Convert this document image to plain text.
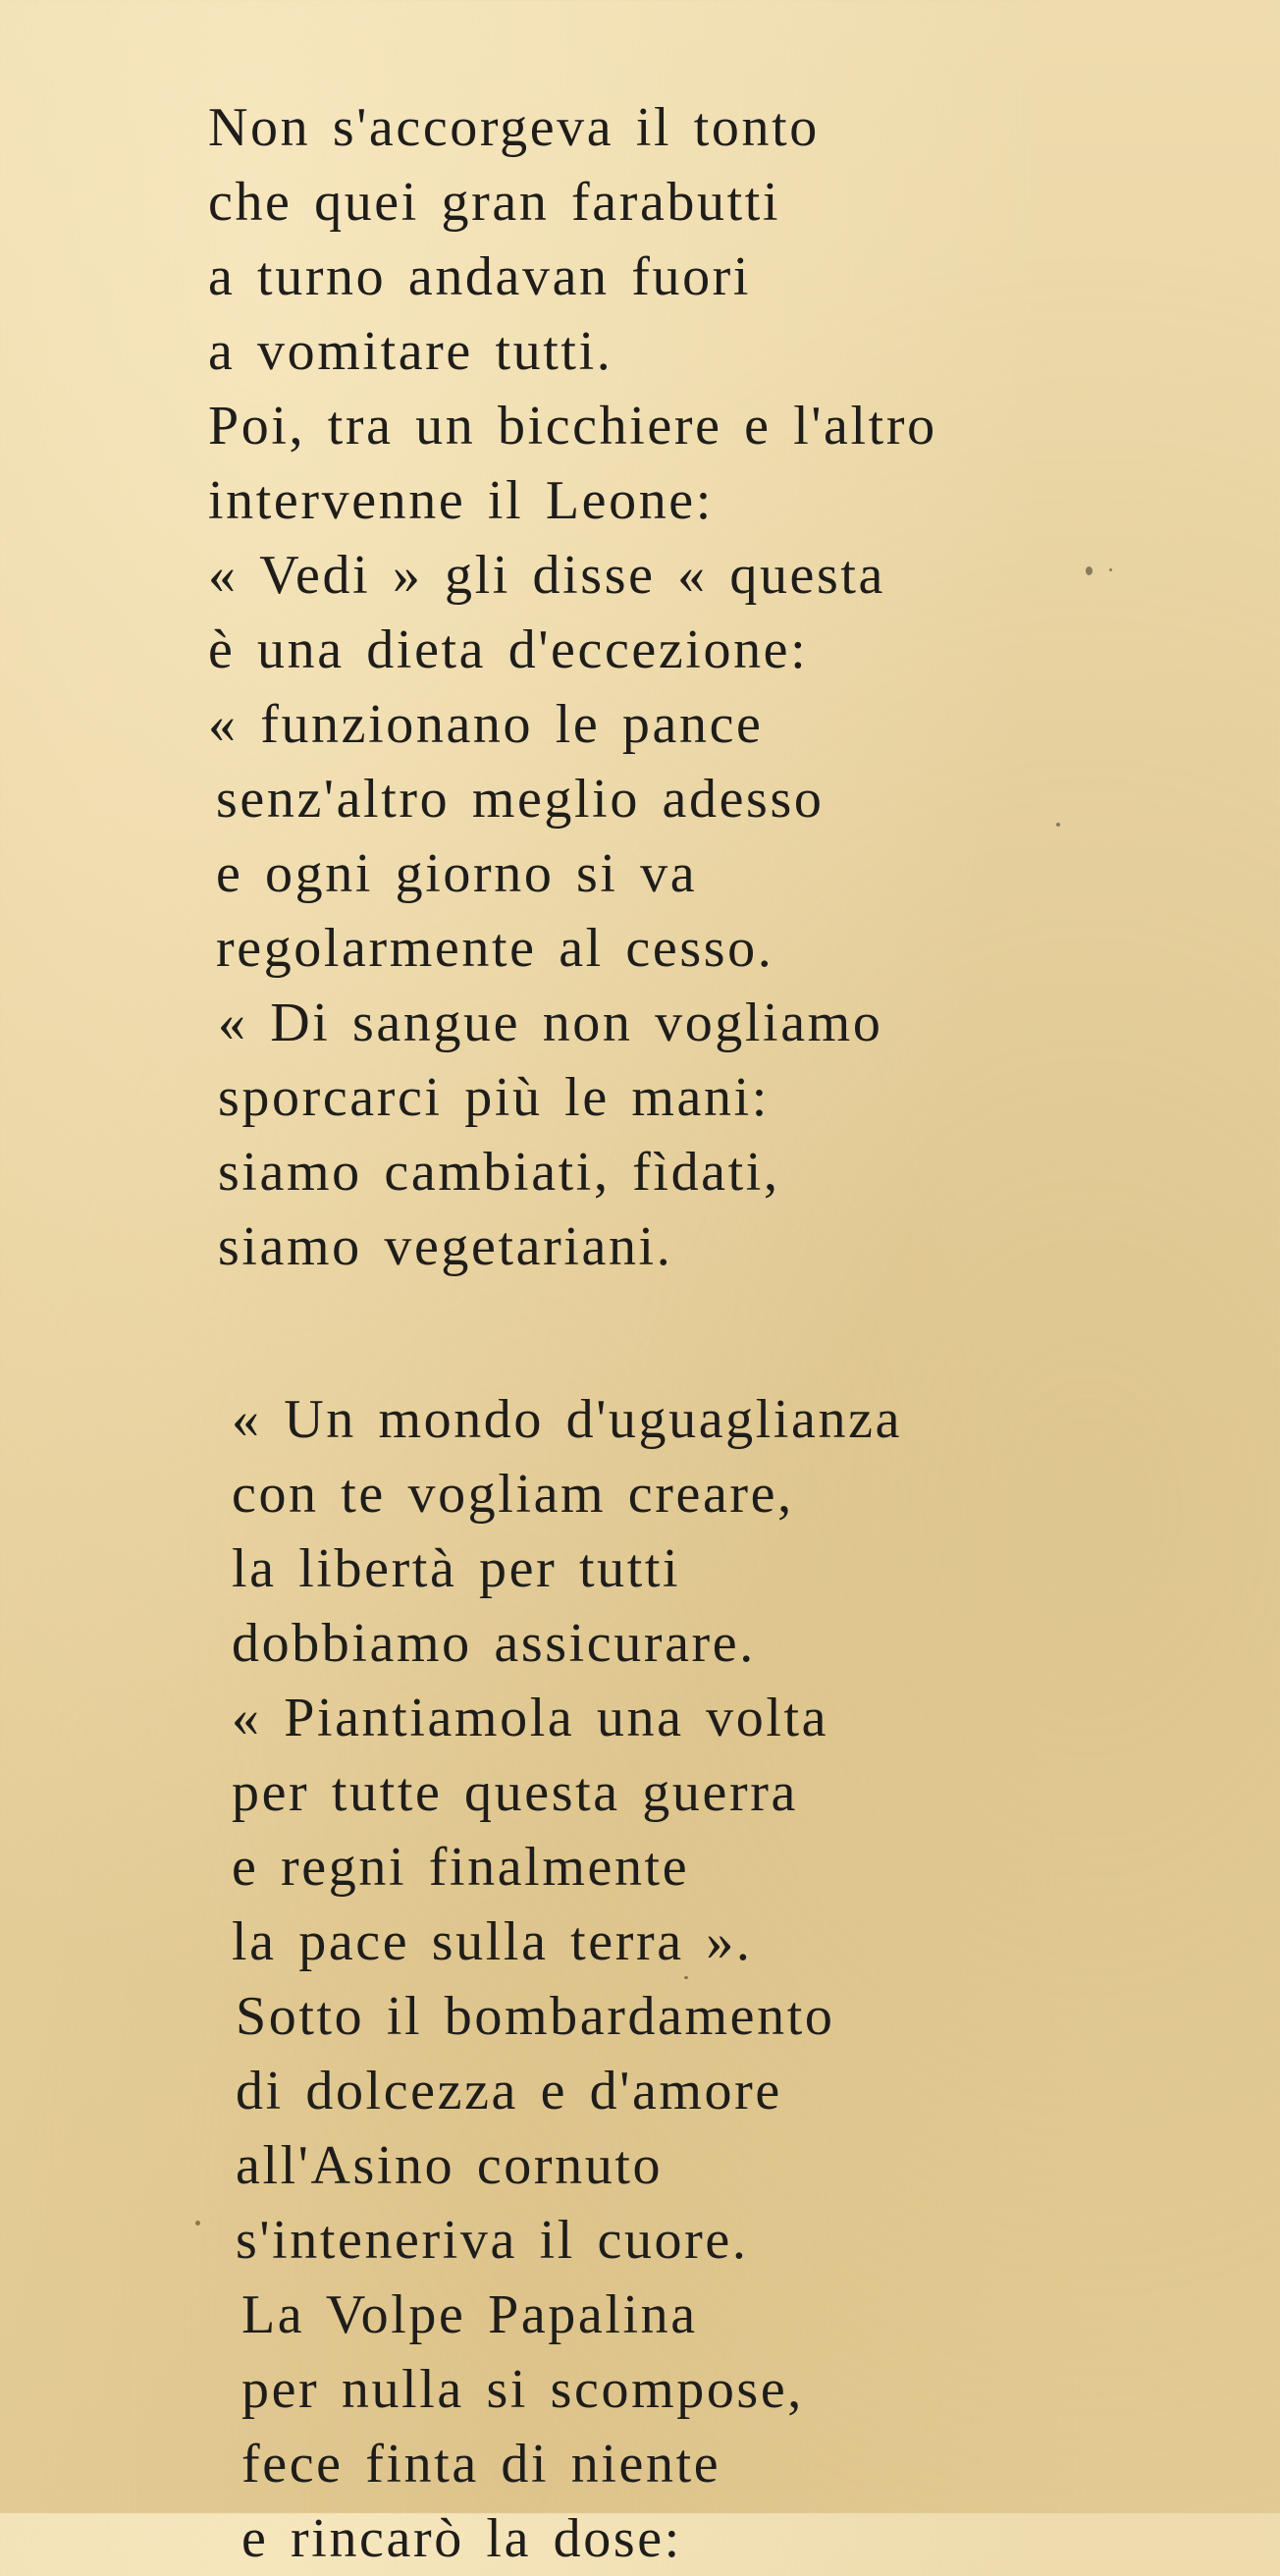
Non s'accorgeva il tonto
che quei gran farabutti
a turno andavan fuori
a vomitare tutti.
Poi, tra un bicchiere e l'altro
intervenne il Leone:
« Vedi » gli disse « questa
è una dieta d'eccezione:
« funzionano le pance
senz'altro meglio adesso
e ogni giorno si va
regolarmente al cesso.
« Di sangue non vogliamo
sporcarci più le mani:
siamo cambiati, fìdati,
siamo vegetariani.
« Un mondo d'uguaglianza
con te vogliam creare,
la libertà per tutti
dobbiamo assicurare.
« Piantiamola una volta
per tutte questa guerra
e regni finalmente
la pace sulla terra ».
Sotto il bombardamento
di dolcezza e d'amore
all'Asino cornuto
s'inteneriva il cuore.
La Volpe Papalina
per nulla si scompose,
fece finta di niente
e rincarò la dose:
